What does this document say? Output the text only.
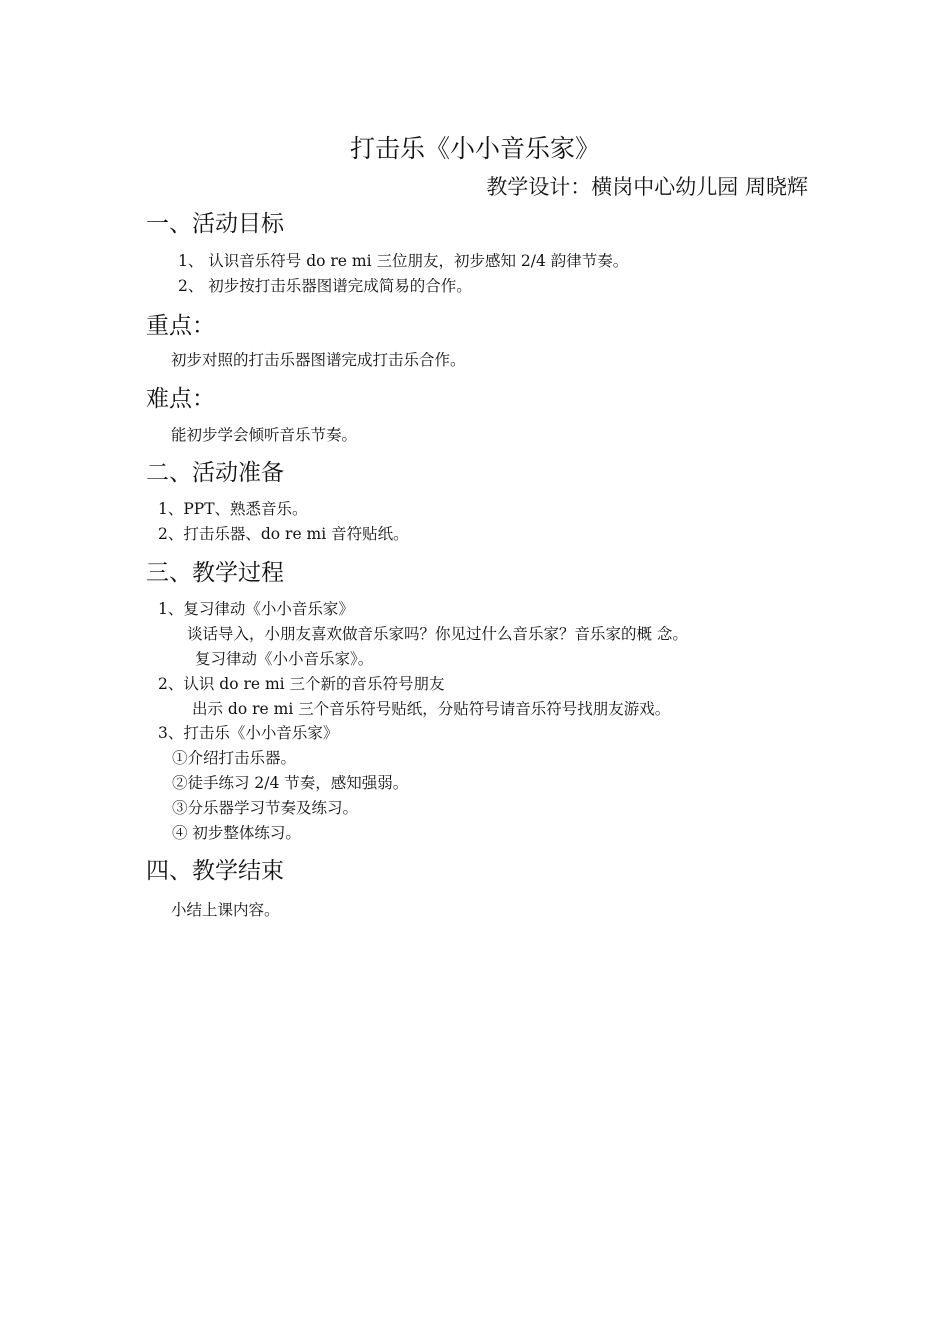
打击乐《小小音乐家》
教学设计：横岗中心幼儿园 周晓辉
一、活动目标
1、 认识音乐符号 do re mi 三位朋友，初步感知 2/4 韵律节奏。
2、 初步按打击乐器图谱完成简易的合作。
重点：
初步对照的打击乐器图谱完成打击乐合作。
难点：
能初步学会倾听音乐节奏。
二、活动准备
1、PPT、熟悉音乐。
2、打击乐器、do re mi 音符贴纸。
三、教学过程
1、复习律动《小小音乐家》
谈话导入，小朋友喜欢做音乐家吗？你见过什么音乐家？音乐家的概 念。
复习律动《小小音乐家》。
2、认识 do re mi 三个新的音乐符号朋友
出示 do re mi 三个音乐符号贴纸，分贴符号请音乐符号找朋友游戏。
3、打击乐《小小音乐家》
①介绍打击乐器。
②徒手练习 2/4 节奏，感知强弱。
③分乐器学习节奏及练习。
④ 初步整体练习。
四、教学结束
小结上课内容。
